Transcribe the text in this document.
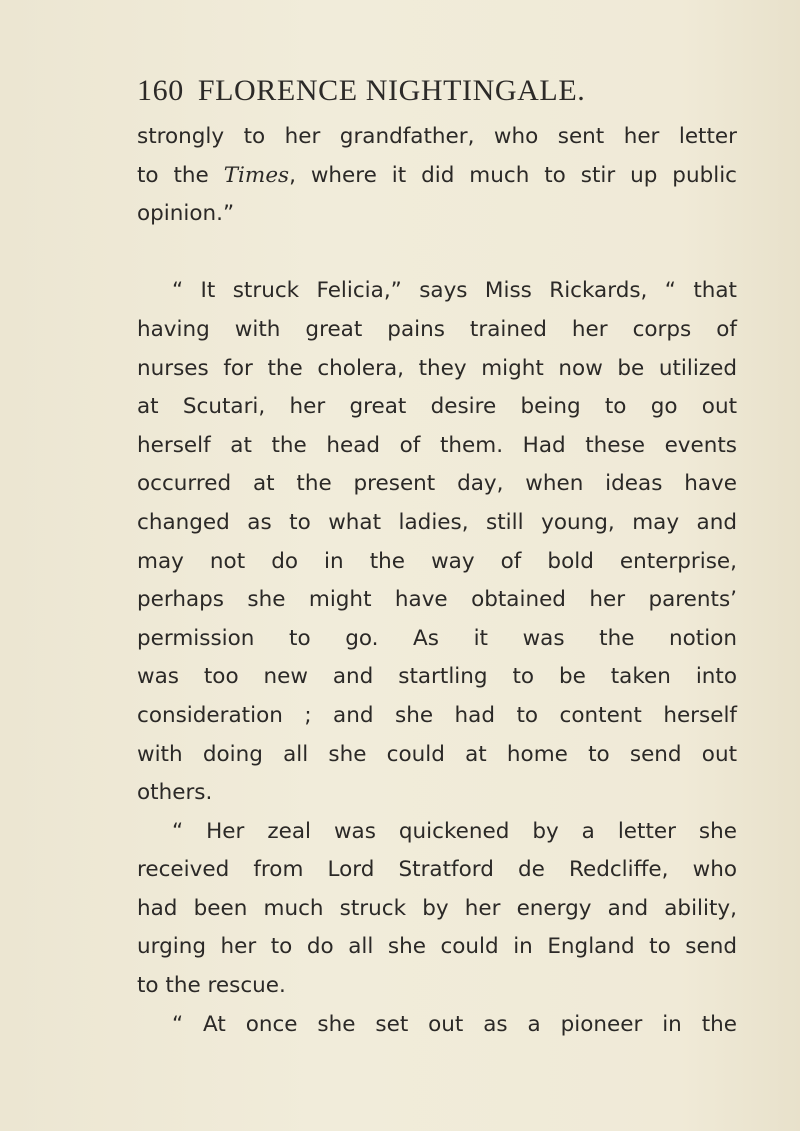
160 FLORENCE NIGHTINGALE.
strongly to her grandfather, who sent her letter
to the Times, where it did much to stir up public
opinion.”
“ It struck Felicia,” says Miss Rickards, “ that
having with great pains trained her corps of
nurses for the cholera, they might now be utilized
at Scutari, her great desire being to go out
herself at the head of them. Had these events
occurred at the present day, when ideas have
changed as to what ladies, still young, may and
may not do in the way of bold enterprise,
perhaps she might have obtained her parents’
permission to go. As it was the notion
was too new and startling to be taken into
consideration ; and she had to content herself
with doing all she could at home to send out
others.
“ Her zeal was quickened by a letter she
received from Lord Stratford de Redcliffe, who
had been much struck by her energy and ability,
urging her to do all she could in England to send
to the rescue.
“ At once she set out as a pioneer in the
